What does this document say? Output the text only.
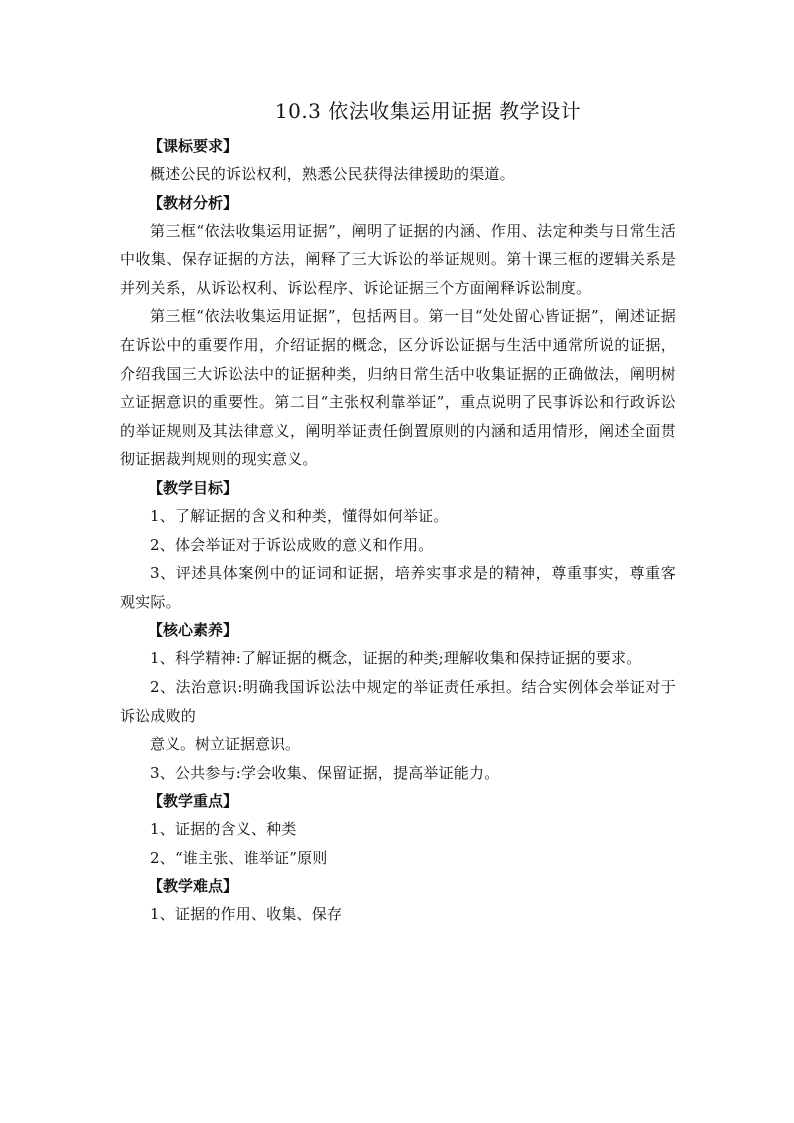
10.3 依法收集运用证据 教学设计

【课标要求】

概述公民的诉讼权利，熟悉公民获得法律援助的渠道。

【教材分析】

第三框“依法收集运用证据”，阐明了证据的内涵、作用、法定种类与日常生活中收集、保存证据的方法，阐释了三大诉讼的举证规则。第十课三框的逻辑关系是并列关系，从诉讼权利、诉讼程序、诉论证据三个方面阐释诉讼制度。

第三框“依法收集运用证据”，包括两目。第一目“处处留心皆证据”，阐述证据在诉讼中的重要作用，介绍证据的概念，区分诉讼证据与生活中通常所说的证据，介绍我国三大诉讼法中的证据种类，归纳日常生活中收集证据的正确做法，阐明树立证据意识的重要性。第二目“主张权利靠举证”，重点说明了民事诉讼和行政诉讼的举证规则及其法律意义，阐明举证责任倒置原则的内涵和适用情形，阐述全面贯彻证据裁判规则的现实意义。

【教学目标】

1、了解证据的含义和种类，懂得如何举证。

2、体会举证对于诉讼成败的意义和作用。

3、评述具体案例中的证词和证据，培养实事求是的精神，尊重事实，尊重客观实际。

【核心素养】

1、科学精神:了解证据的概念，证据的种类;理解收集和保持证据的要求。

2、法治意识:明确我国诉讼法中规定的举证责任承担。结合实例体会举证对于诉讼成败的

意义。树立证据意识。

3、公共参与:学会收集、保留证据，提高举证能力。

【教学重点】

1、证据的含义、种类

2、“谁主张、谁举证”原则

【教学难点】

1、证据的作用、收集、保存
